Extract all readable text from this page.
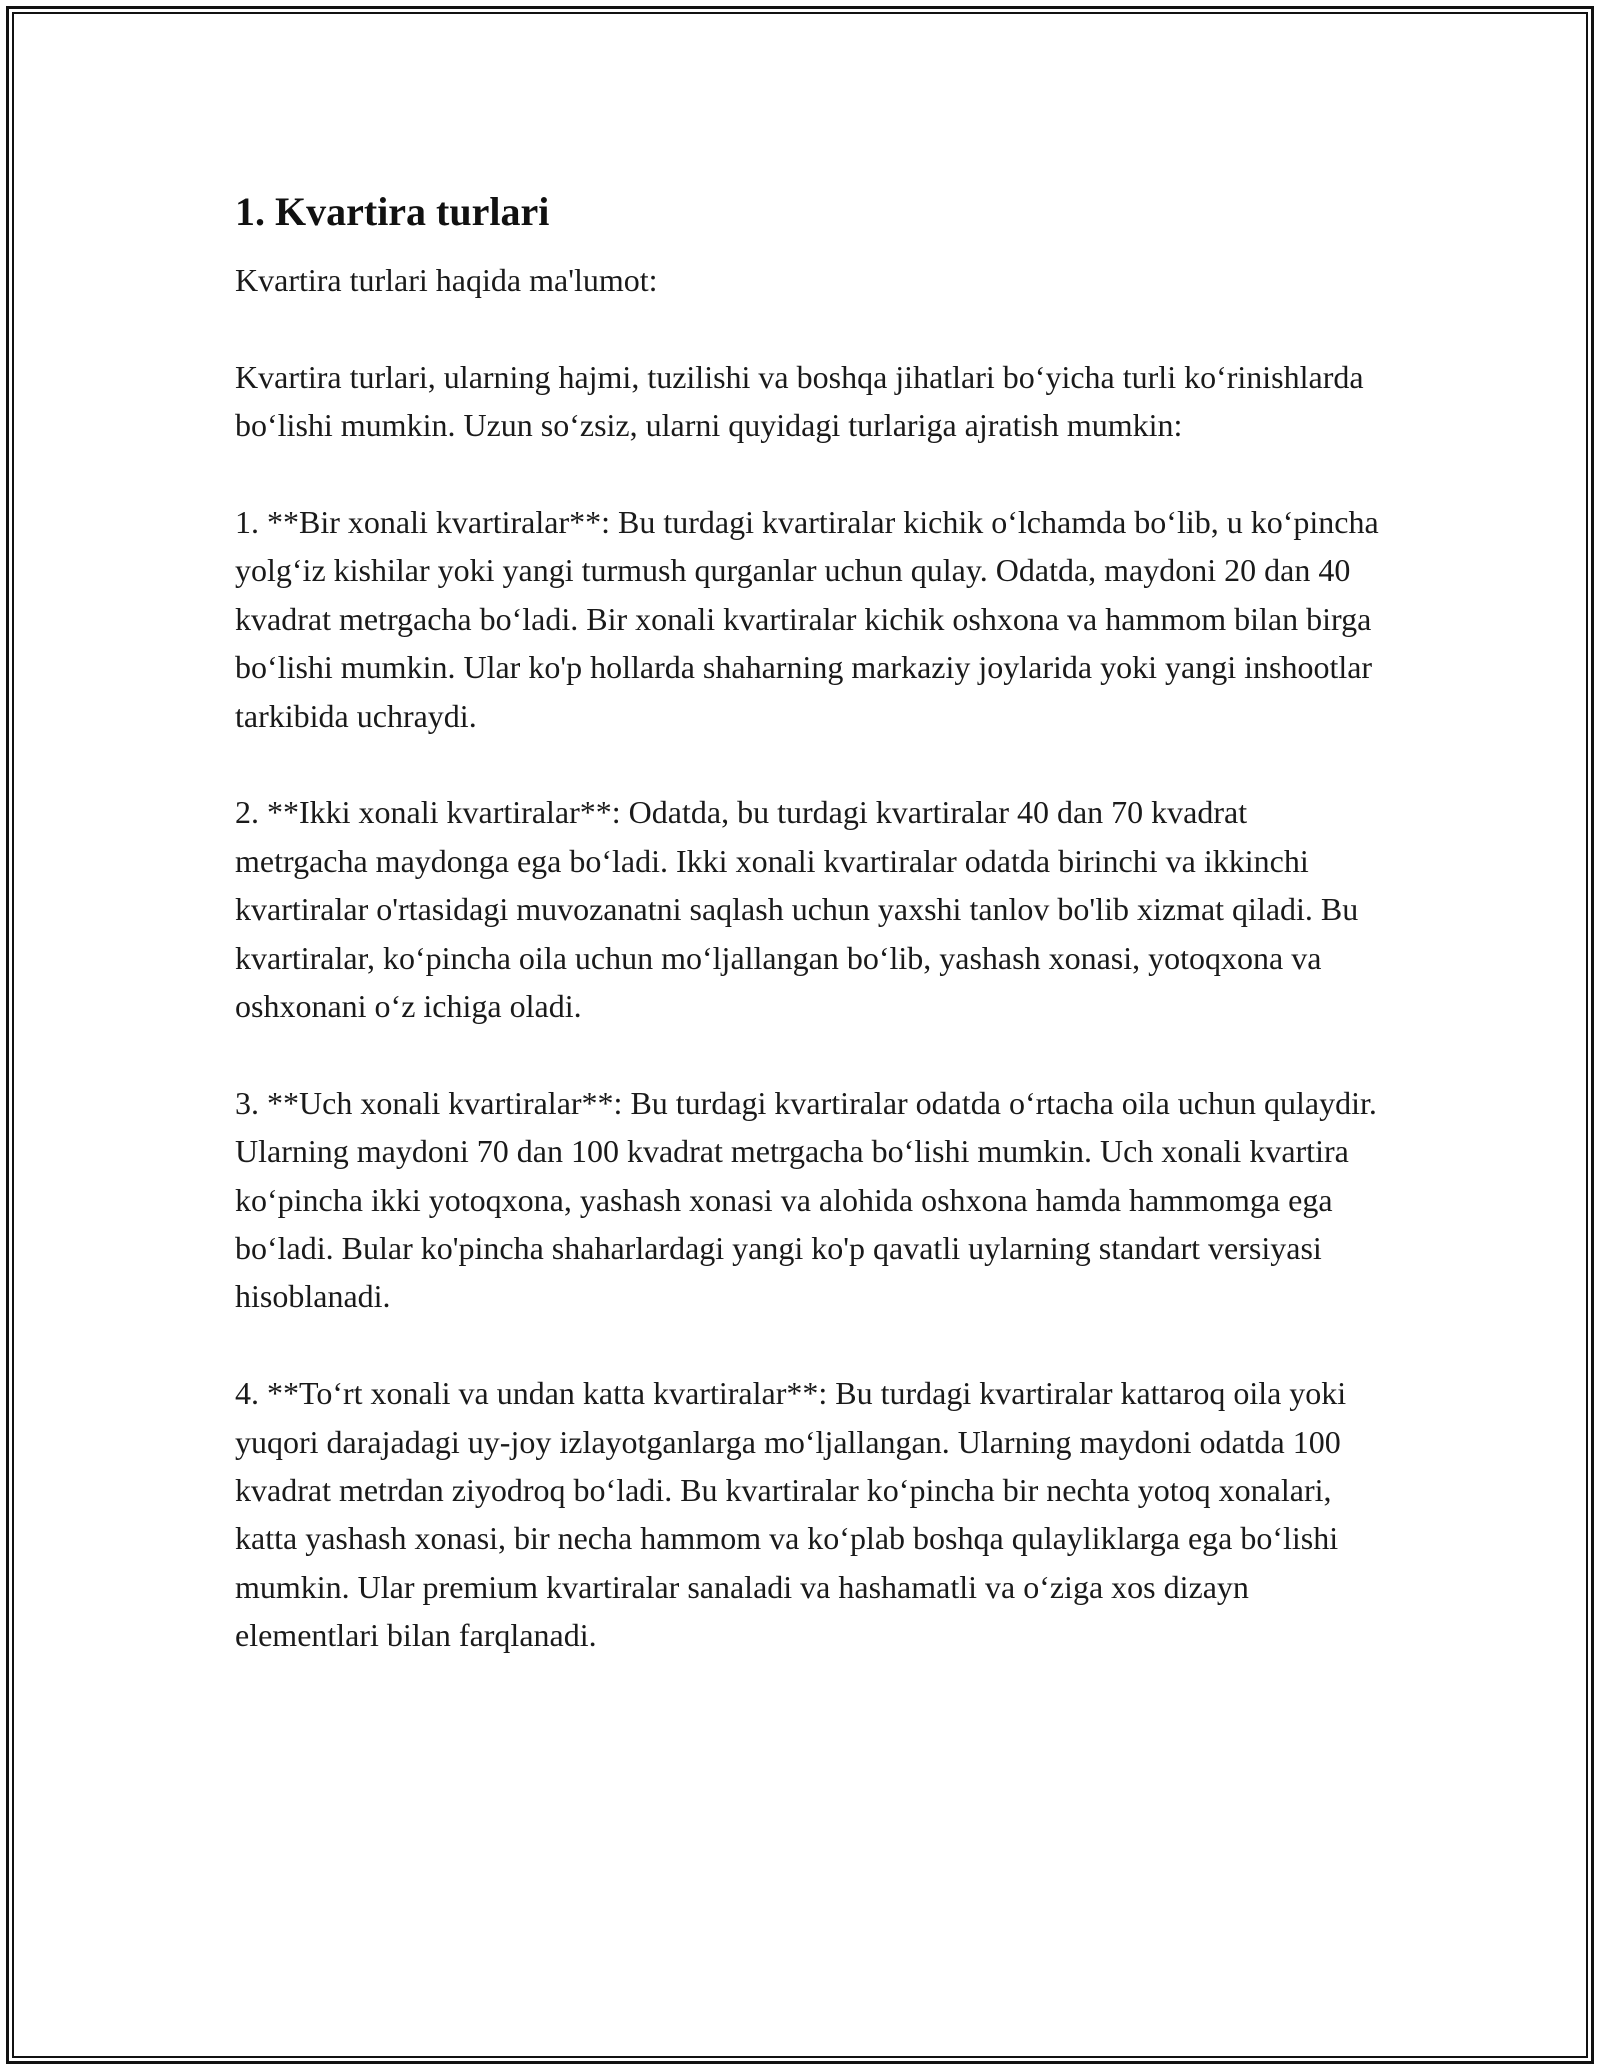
1. Kvartira turlari

Kvartira turlari haqida ma'lumot:

Kvartira turlari, ularning hajmi, tuzilishi va boshqa jihatlari bo‘yicha turli ko‘rinishlarda bo‘lishi mumkin. Uzun so‘zsiz, ularni quyidagi turlariga ajratish mumkin:

1. **Bir xonali kvartiralar**: Bu turdagi kvartiralar kichik o‘lchamda bo‘lib, u ko‘pincha yolg‘iz kishilar yoki yangi turmush qurganlar uchun qulay. Odatda, maydoni 20 dan 40 kvadrat metrgacha bo‘ladi. Bir xonali kvartiralar kichik oshxona va hammom bilan birga bo‘lishi mumkin. Ular ko'p hollarda shaharning markaziy joylarida yoki yangi inshootlar tarkibida uchraydi.

2. **Ikki xonali kvartiralar**: Odatda, bu turdagi kvartiralar 40 dan 70 kvadrat metrgacha maydonga ega bo‘ladi. Ikki xonali kvartiralar odatda birinchi va ikkinchi kvartiralar o'rtasidagi muvozanatni saqlash uchun yaxshi tanlov bo'lib xizmat qiladi. Bu kvartiralar, ko‘pincha oila uchun mo‘ljallangan bo‘lib, yashash xonasi, yotoqxona va oshxonani o‘z ichiga oladi.

3. **Uch xonali kvartiralar**: Bu turdagi kvartiralar odatda o‘rtacha oila uchun qulaydir. Ularning maydoni 70 dan 100 kvadrat metrgacha bo‘lishi mumkin. Uch xonali kvartira ko‘pincha ikki yotoqxona, yashash xonasi va alohida oshxona hamda hammomga ega bo‘ladi. Bular ko'pincha shaharlardagi yangi ko'p qavatli uylarning standart versiyasi hisoblanadi.

4. **To‘rt xonali va undan katta kvartiralar**: Bu turdagi kvartiralar kattaroq oila yoki yuqori darajadagi uy-joy izlayotganlarga mo‘ljallangan. Ularning maydoni odatda 100 kvadrat metrdan ziyodroq bo‘ladi. Bu kvartiralar ko‘pincha bir nechta yotoq xonalari, katta yashash xonasi, bir necha hammom va ko‘plab boshqa qulayliklarga ega bo‘lishi mumkin. Ular premium kvartiralar sanaladi va hashamatli va o‘ziga xos dizayn elementlari bilan farqlanadi.
